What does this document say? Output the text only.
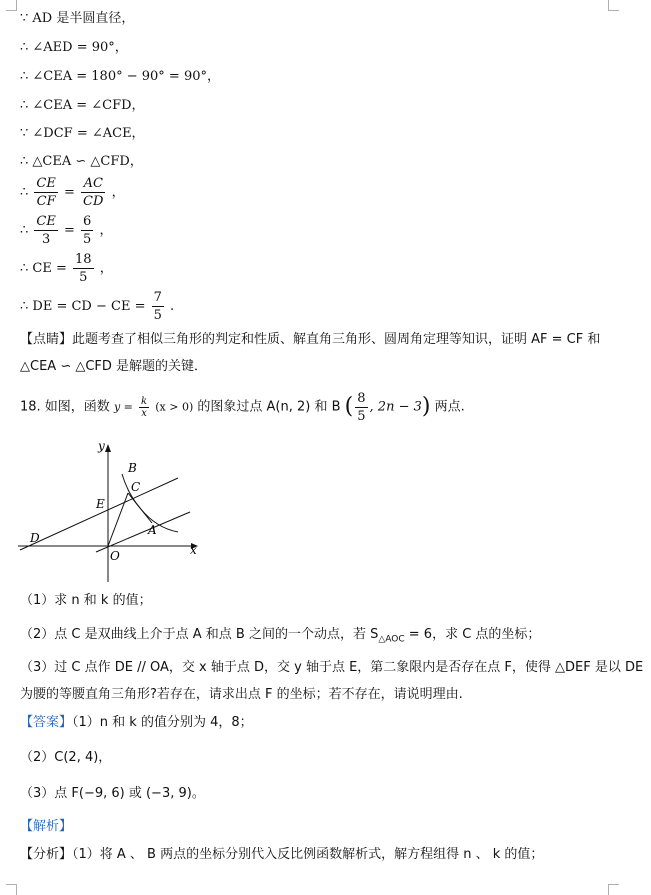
∵ AD 是半圆直径，
∴ ∠AED = 90°，
∴ ∠CEA = 180° − 90° = 90°，
∴ ∠CEA = ∠CFD，
∵ ∠DCF = ∠ACE，
∴ △CEA ∽ △CFD，
∴ $\frac{CE}{CF} = \frac{AC}{CD}$ ，
∴ $\frac{CE}{3} = \frac{6}{5}$ ，
∴ CE = $\frac{18}{5}$ ，
∴ DE = CD − CE = $\frac{7}{5}$ .
【点睛】此题考查了相似三角形的判定和性质、解直角三角形、圆周角定理等知识，证明 AF = CF 和
△CEA ∽ △CFD 是解题的关键．
18. 如图，函数 $y = \frac{k}{x} (x > 0)$ 的图象过点 A(n, 2) 和 B ( $\frac{8}{5}$ , 2n − 3) 两点.
y
x
B
C
E
A
D
O
（1）求 n 和 k 的值；
（2）点 C 是双曲线上介于点 A 和点 B 之间的一个动点，若 $S_{\triangle AOC} = 6$，求 C 点的坐标；
（3）过 C 点作 DE // OA，交 x 轴于点 D，交 y 轴于点 E，第二象限内是否存在点 F，使得 △DEF 是以 DE
为腰的等腰直角三角形?若存在，请求出点 F 的坐标；若不存在，请说明理由.
【答案】（1）n 和 k 的值分别为 4，8；
（2）C(2, 4)，
（3）点 F(−9, 6) 或 (−3, 9)。
【解析】
【分析】（1）将 A 、 B 两点的坐标分别代入反比例函数解析式，解方程组得 n 、 k 的值；
